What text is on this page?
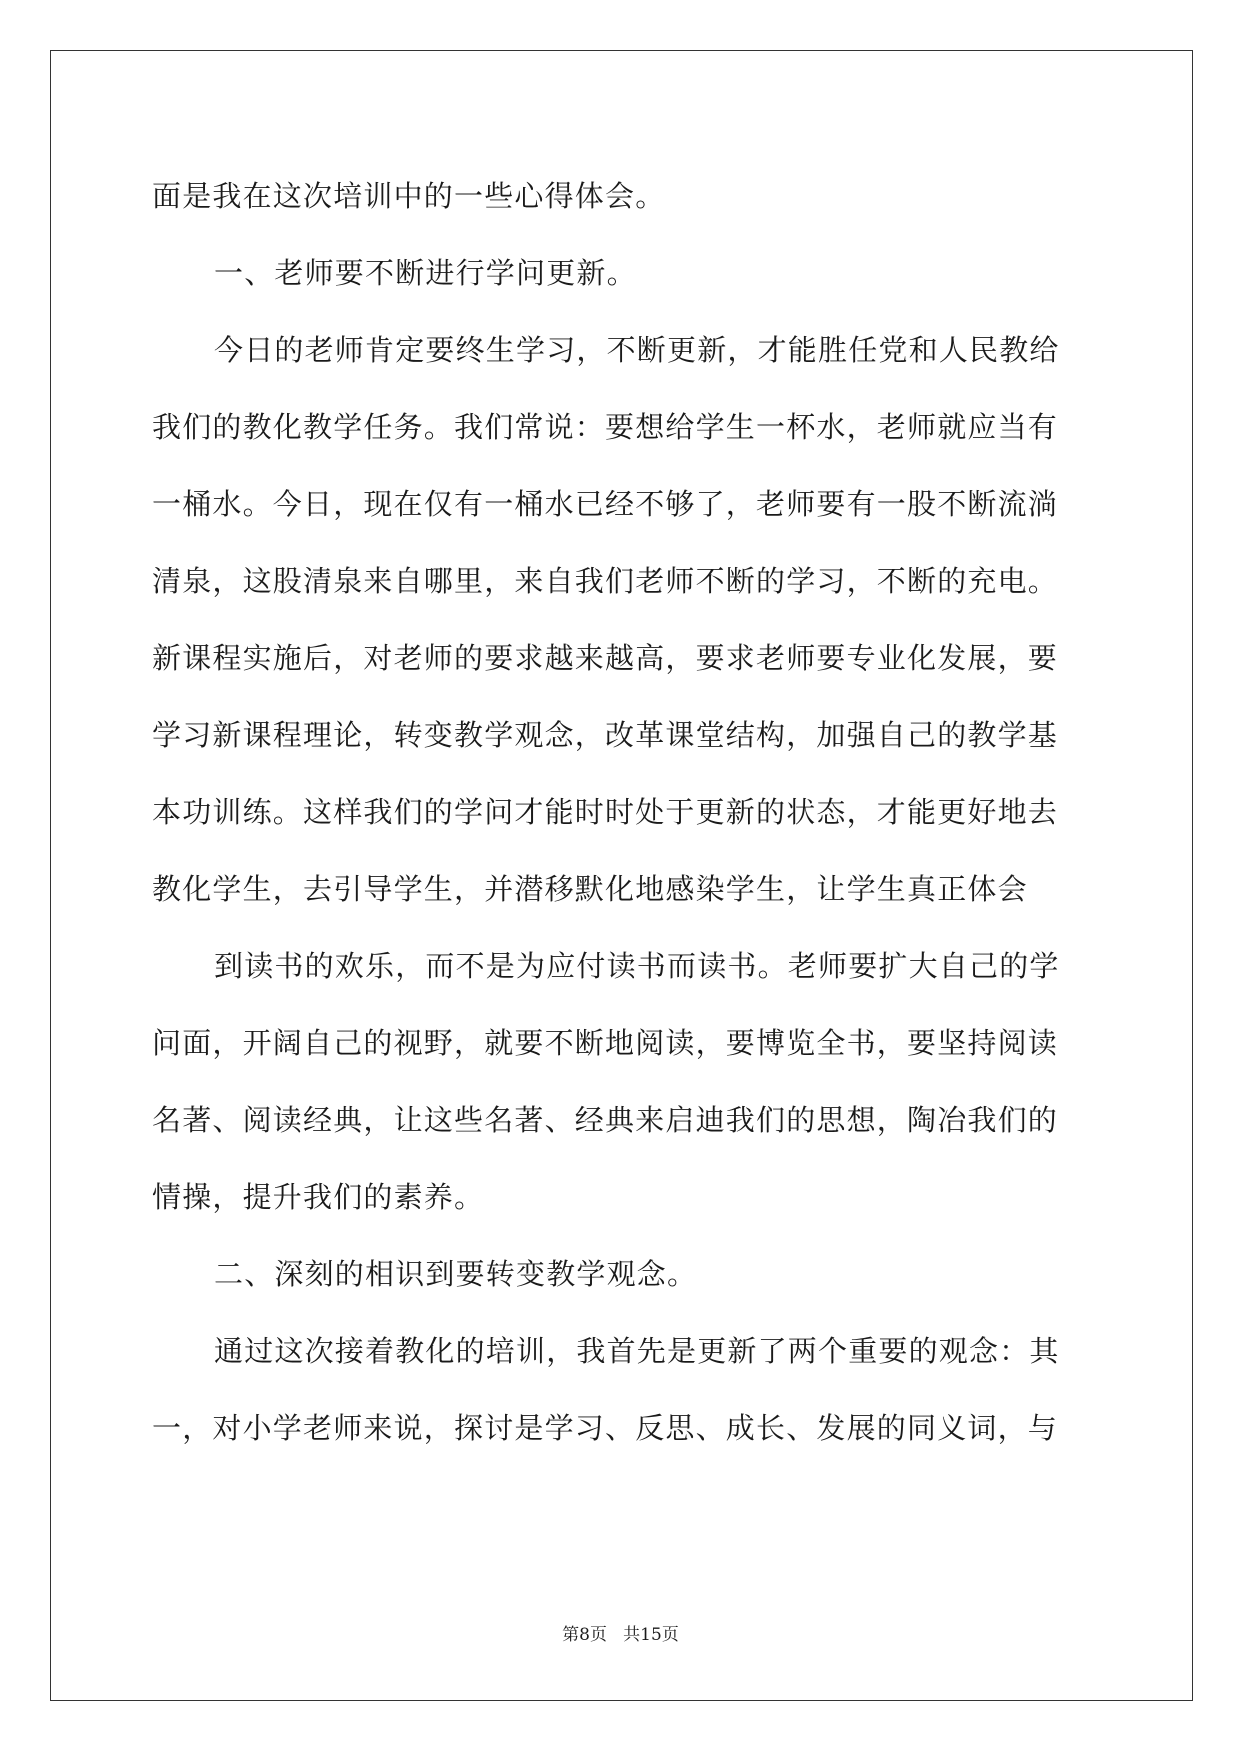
面是我在这次培训中的一些心得体会。

一、老师要不断进行学问更新。

今日的老师肯定要终生学习，不断更新，才能胜任党和人民教给

我们的教化教学任务。我们常说：要想给学生一杯水，老师就应当有

一桶水。今日，现在仅有一桶水已经不够了，老师要有一股不断流淌

清泉，这股清泉来自哪里，来自我们老师不断的学习，不断的充电。

新课程实施后，对老师的要求越来越高，要求老师要专业化发展，要

学习新课程理论，转变教学观念，改革课堂结构，加强自己的教学基

本功训练。这样我们的学问才能时时处于更新的状态，才能更好地去

教化学生，去引导学生，并潜移默化地感染学生，让学生真正体会

到读书的欢乐，而不是为应付读书而读书。老师要扩大自己的学

问面，开阔自己的视野，就要不断地阅读，要博览全书，要坚持阅读

名著、阅读经典，让这些名著、经典来启迪我们的思想，陶冶我们的

情操，提升我们的素养。

二、深刻的相识到要转变教学观念。

通过这次接着教化的培训，我首先是更新了两个重要的观念：其

一，对小学老师来说，探讨是学习、反思、成长、发展的同义词，与

第8页   共15页
